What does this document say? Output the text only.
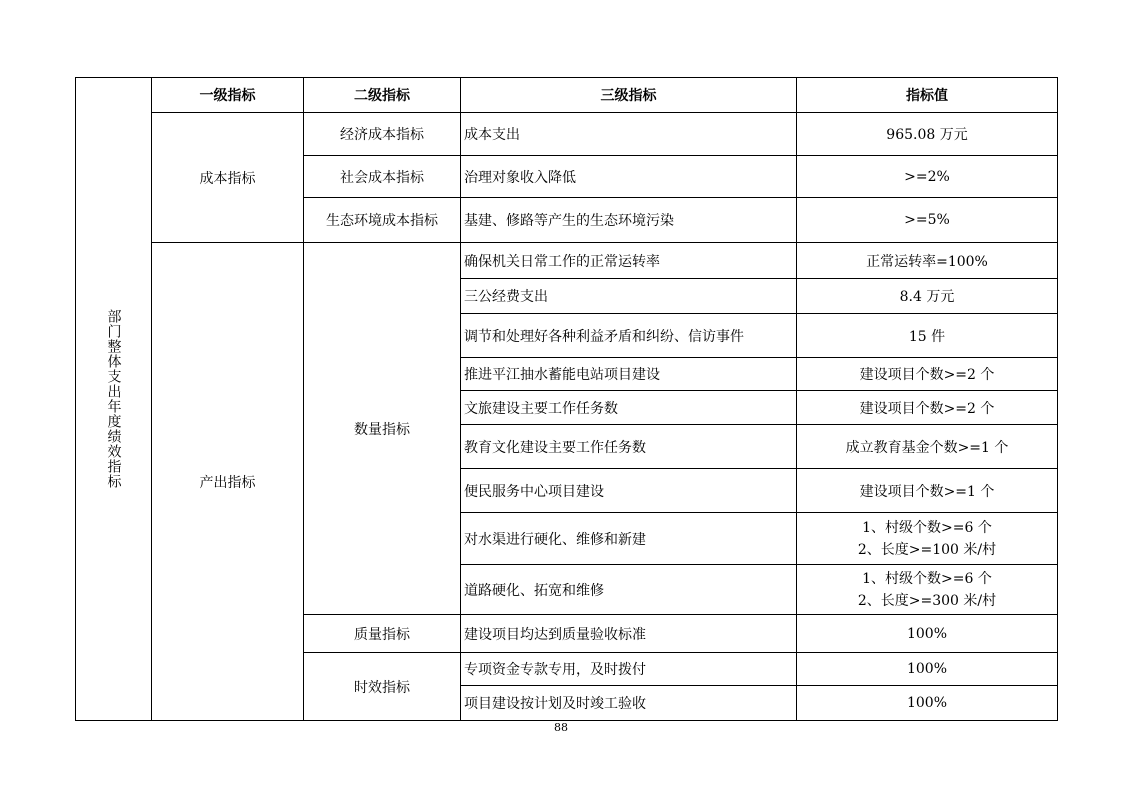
部门整体支出年度绩效指标	一级指标	二级指标	三级指标	指标值
	成本指标	经济成本指标	成本支出	965.08 万元
		社会成本指标	治理对象收入降低	>=2%
		生态环境成本指标	基建、修路等产生的生态环境污染	>=5%
	产出指标	数量指标	确保机关日常工作的正常运转率	正常运转率=100%
			三公经费支出	8.4 万元
			调节和处理好各种利益矛盾和纠纷、信访事件	15 件
			推进平江抽水蓄能电站项目建设	建设项目个数>=2 个
			文旅建设主要工作任务数	建设项目个数>=2 个
			教育文化建设主要工作任务数	成立教育基金个数>=1 个
			便民服务中心项目建设	建设项目个数>=1 个
			对水渠进行硬化、维修和新建	1、村级个数>=6 个
2、长度>=100 米/村

			道路硬化、拓宽和维修	1、村级个数>=6 个
2、长度>=300 米/村

		质量指标	建设项目均达到质量验收标准	100%
		时效指标	专项资金专款专用，及时拨付	100%
			项目建设按计划及时竣工验收	100%
88
